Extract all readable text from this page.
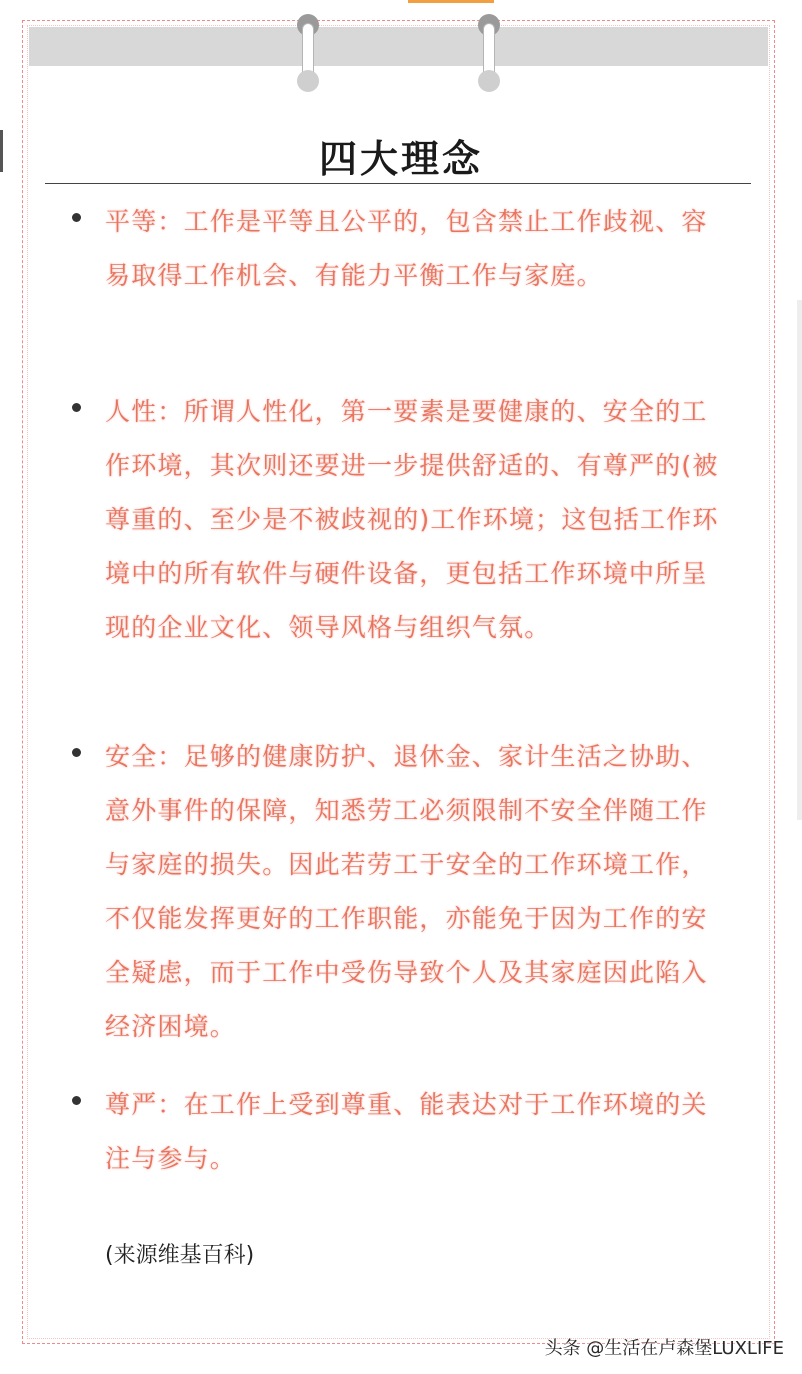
四大理念
平等：工作是平等且公平的，包含禁止工作歧视、容易取得工作机会、有能力平衡工作与家庭。
人性：所谓人性化，第一要素是要健康的、安全的工作环境，其次则还要进一步提供舒适的、有尊严的(被尊重的、至少是不被歧视的)工作环境；这包括工作环境中的所有软件与硬件设备，更包括工作环境中所呈现的企业文化、领导风格与组织气氛。
安全：足够的健康防护、退休金、家计生活之协助、意外事件的保障，知悉劳工必须限制不安全伴随工作与家庭的损失。因此若劳工于安全的工作环境工作，不仅能发挥更好的工作职能，亦能免于因为工作的安全疑虑，而于工作中受伤导致个人及其家庭因此陷入经济困境。
尊严：在工作上受到尊重、能表达对于工作环境的关注与参与。

(来源维基百科)

头条 @生活在卢森堡LUXLIFE
